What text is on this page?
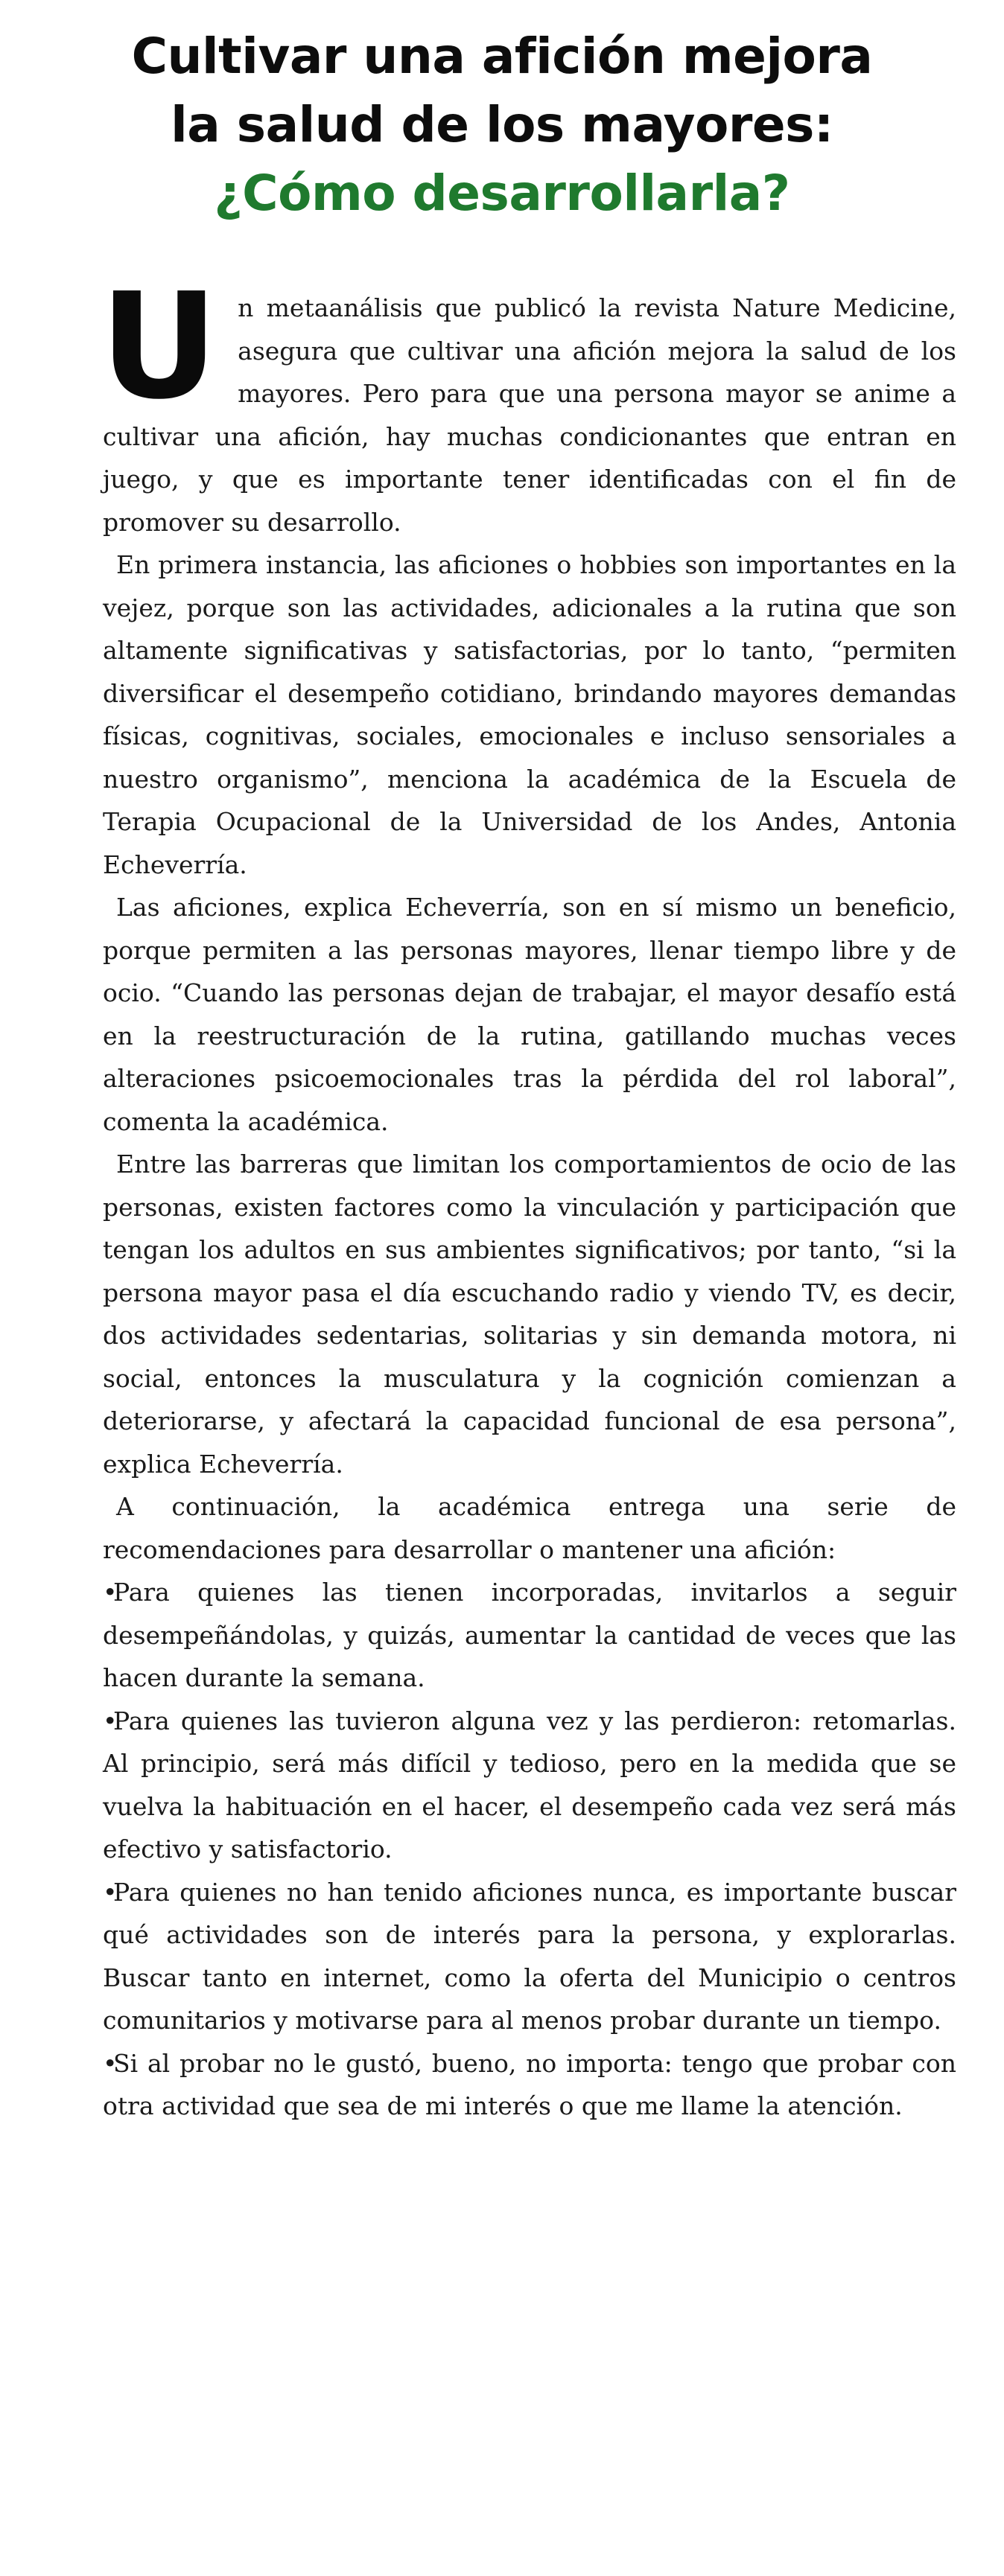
Cultivar una afición mejora
la salud de los mayores:
¿Cómo desarrollarla?

Un metaanálisis que publicó la revista Nature Medicine, asegura que cultivar una afición mejora la salud de los mayores. Pero para que una persona mayor se anime a cultivar una afición, hay muchas condicionantes que entran en juego, y que es importante tener identificadas con el fin de promover su desarrollo.

En primera instancia, las aficiones o hobbies son importantes en la vejez, porque son las actividades, adicionales a la rutina que son altamente significativas y satisfactorias, por lo tanto, “permiten diversificar el desempeño cotidiano, brindando mayores demandas físicas, cognitivas, sociales, emocionales e incluso sensoriales a nuestro organismo”, menciona la académica de la Escuela de Terapia Ocupacional de la Universidad de los Andes, Antonia Echeverría.

Las aficiones, explica Echeverría, son en sí mismo un beneficio, porque permiten a las personas mayores, llenar tiempo libre y de ocio. “Cuando las personas dejan de trabajar, el mayor desafío está en la reestructuración de la rutina, gatillando muchas veces alteraciones psicoemocionales tras la pérdida del rol laboral”, comenta la académica.

Entre las barreras que limitan los comportamientos de ocio de las personas, existen factores como la vinculación y participación que tengan los adultos en sus ambientes significativos; por tanto, “si la persona mayor pasa el día escuchando radio y viendo TV, es decir, dos actividades sedentarias, solitarias y sin demanda motora, ni social, entonces la musculatura y la cognición comienzan a deteriorarse, y afectará la capacidad funcional de esa persona”, explica Echeverría.

A continuación, la académica entrega una serie de recomendaciones para desarrollar o mantener una afición:

•Para quienes las tienen incorporadas, invitarlos a seguir desempeñándolas, y quizás, aumentar la cantidad de veces que las hacen durante la semana.

•Para quienes las tuvieron alguna vez y las perdieron: retomarlas. Al principio, será más difícil y tedioso, pero en la medida que se vuelva la habituación en el hacer, el desempeño cada vez será más efectivo y satisfactorio.

•Para quienes no han tenido aficiones nunca, es importante buscar qué actividades son de interés para la persona, y explorarlas. Buscar tanto en internet, como la oferta del Municipio o centros comunitarios y motivarse para al menos probar durante un tiempo.

•Si al probar no le gustó, bueno, no importa: tengo que probar con otra actividad que sea de mi interés o que me llame la atención.
